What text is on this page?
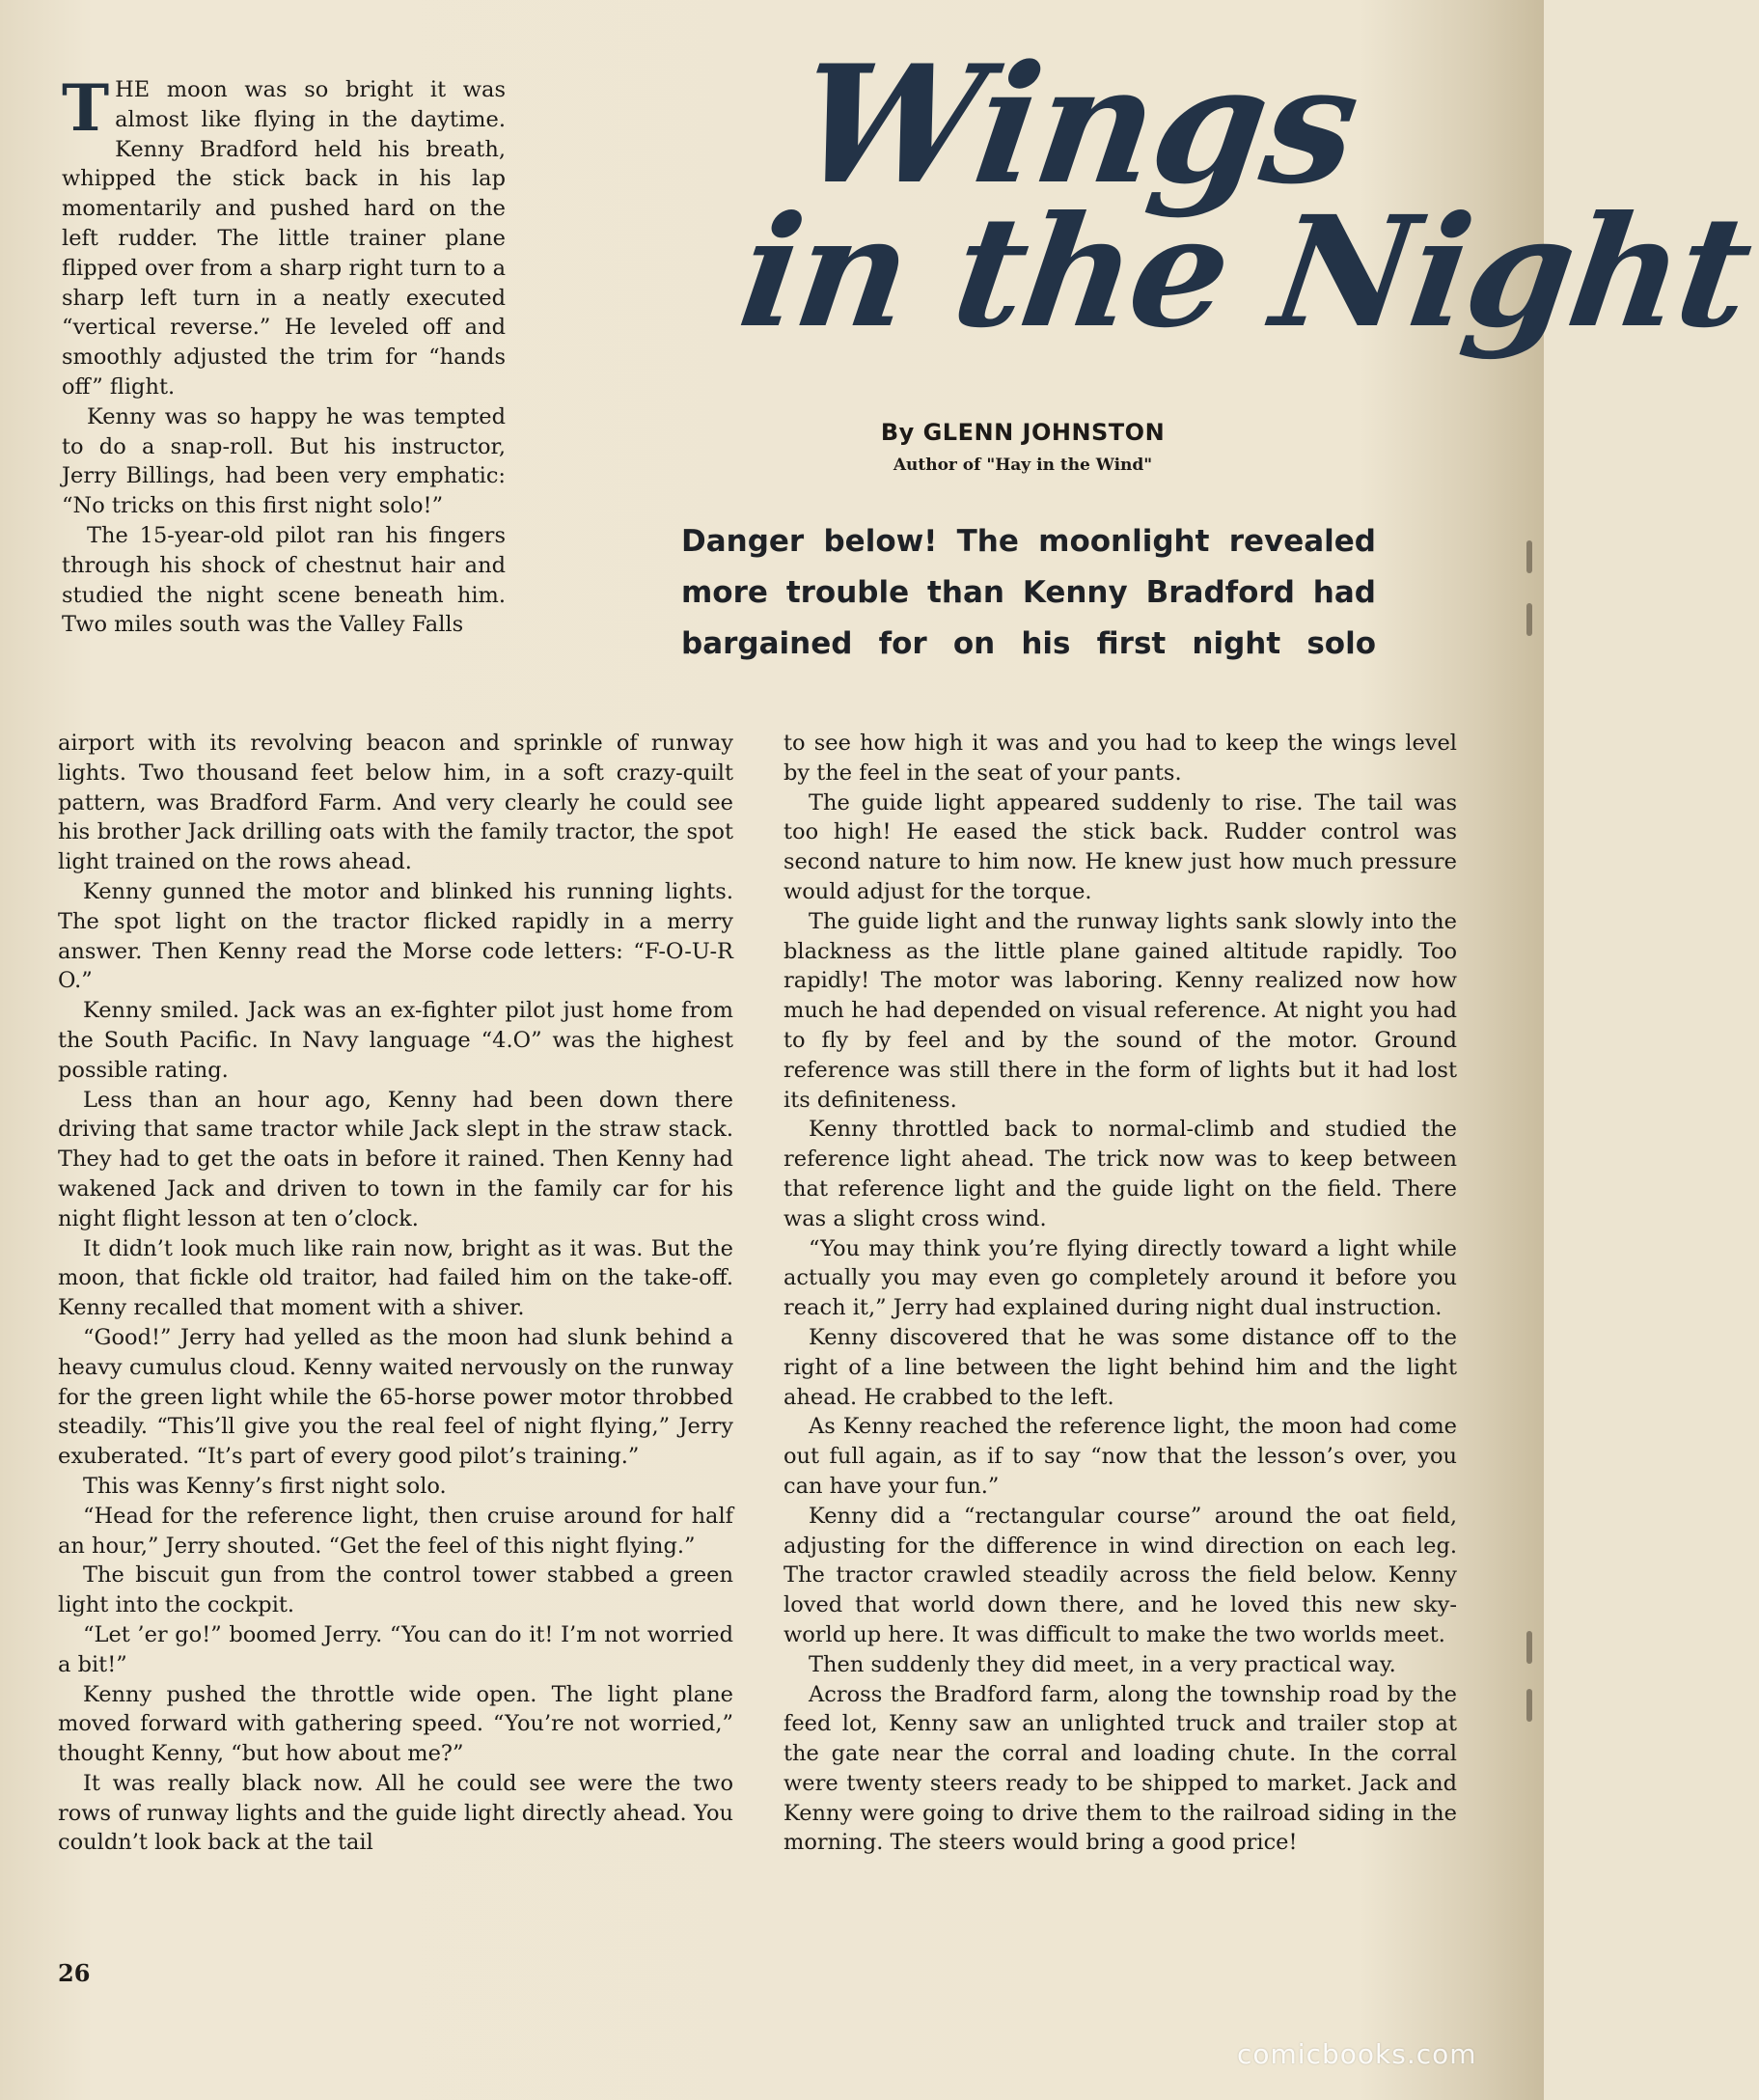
Wings
in the Night
By GLENN JOHNSTON
Author of "Hay in the Wind"
Danger below! The moonlight revealed more trouble than Kenny Bradford had bargained for on his first night solo

THE moon was so bright it was almost like flying in the daytime. Kenny Bradford held his breath, whipped the stick back in his lap momentarily and pushed hard on the left rudder. The little trainer plane flipped over from a sharp right turn to a sharp left turn in a neatly executed “vertical reverse.” He leveled off and smoothly adjusted the trim for “hands off” flight.

Kenny was so happy he was tempted to do a snap-roll. But his instructor, Jerry Billings, had been very emphatic: “No tricks on this first night solo!”

The 15-year-old pilot ran his fingers through his shock of chestnut hair and studied the night scene beneath him. Two miles south was the Valley Falls

airport with its revolving beacon and sprinkle of runway lights. Two thousand feet below him, in a soft crazy-quilt pattern, was Bradford Farm. And very clearly he could see his brother Jack drilling oats with the family tractor, the spot light trained on the rows ahead.

Kenny gunned the motor and blinked his running lights. The spot light on the tractor flicked rapidly in a merry answer. Then Kenny read the Morse code letters: “F-O-U-R O.”

Kenny smiled. Jack was an ex-fighter pilot just home from the South Pacific. In Navy language “4.O” was the highest possible rating.

Less than an hour ago, Kenny had been down there driving that same tractor while Jack slept in the straw stack. They had to get the oats in before it rained. Then Kenny had wakened Jack and driven to town in the family car for his night flight lesson at ten o’clock.

It didn’t look much like rain now, bright as it was. But the moon, that fickle old traitor, had failed him on the take-off. Kenny recalled that moment with a shiver.

“Good!” Jerry had yelled as the moon had slunk behind a heavy cumulus cloud. Kenny waited nervously on the runway for the green light while the 65-horse power motor throbbed steadily. “This’ll give you the real feel of night flying,” Jerry exuberated. “It’s part of every good pilot’s training.”

This was Kenny’s first night solo.

“Head for the reference light, then cruise around for half an hour,” Jerry shouted. “Get the feel of this night flying.”

The biscuit gun from the control tower stabbed a green light into the cockpit.

“Let ’er go!” boomed Jerry. “You can do it! I’m not worried a bit!”

Kenny pushed the throttle wide open. The light plane moved forward with gathering speed. “You’re not worried,” thought Kenny, “but how about me?”

It was really black now. All he could see were the two rows of runway lights and the guide light directly ahead. You couldn’t look back at the tail

to see how high it was and you had to keep the wings level by the feel in the seat of your pants.

The guide light appeared suddenly to rise. The tail was too high! He eased the stick back. Rudder control was second nature to him now. He knew just how much pressure would adjust for the torque.

The guide light and the runway lights sank slowly into the blackness as the little plane gained altitude rapidly. Too rapidly! The motor was laboring. Kenny realized now how much he had depended on visual reference. At night you had to fly by feel and by the sound of the motor. Ground reference was still there in the form of lights but it had lost its definiteness.

Kenny throttled back to normal-climb and studied the reference light ahead. The trick now was to keep between that reference light and the guide light on the field. There was a slight cross wind.

“You may think you’re flying directly toward a light while actually you may even go completely around it before you reach it,” Jerry had explained during night dual instruction.

Kenny discovered that he was some distance off to the right of a line between the light behind him and the light ahead. He crabbed to the left.

As Kenny reached the reference light, the moon had come out full again, as if to say “now that the lesson’s over, you can have your fun.”

Kenny did a “rectangular course” around the oat field, adjusting for the difference in wind direction on each leg. The tractor crawled steadily across the field below. Kenny loved that world down there, and he loved this new sky-world up here. It was difficult to make the two worlds meet.

Then suddenly they did meet, in a very practical way.

Across the Bradford farm, along the township road by the feed lot, Kenny saw an unlighted truck and trailer stop at the gate near the corral and loading chute. In the corral were twenty steers ready to be shipped to market. Jack and Kenny were going to drive them to the railroad siding in the morning. The steers would bring a good price!

26
comicbooks.com
